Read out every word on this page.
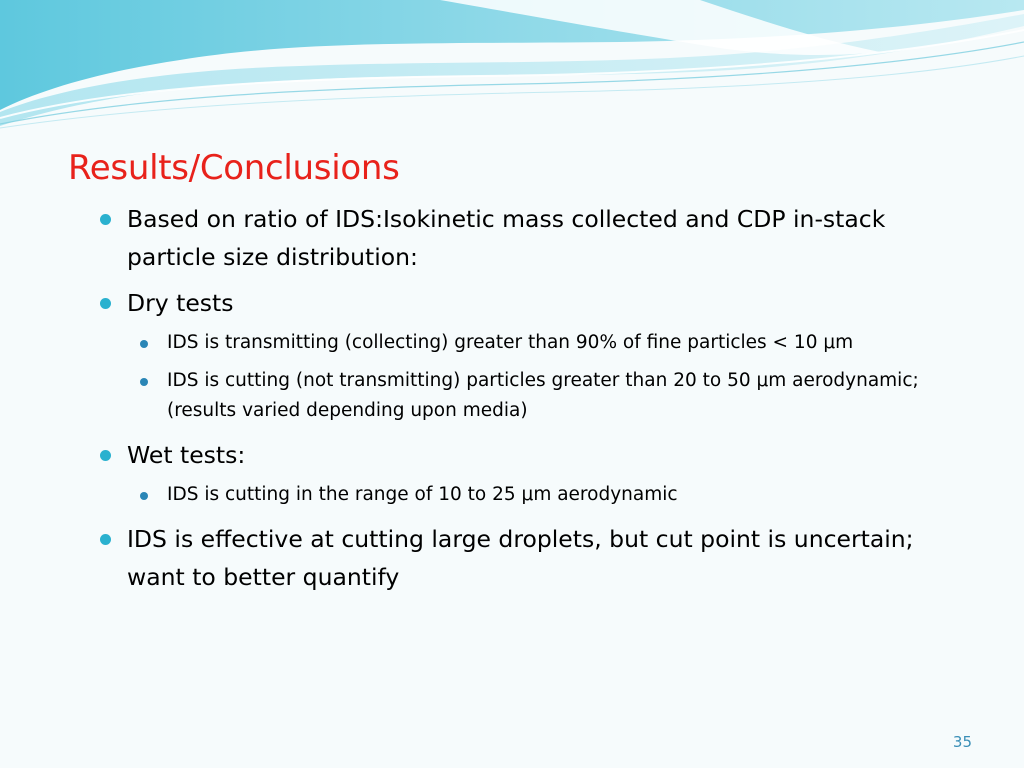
Results/Conclusions
Based on ratio of IDS:Isokinetic mass collected and CDP in-stack particle size distribution:
Dry tests
IDS is transmitting (collecting) greater than 90% of fine particles < 10 μm
IDS is cutting (not transmitting) particles greater than 20 to 50 μm aerodynamic; (results varied depending upon media)
Wet tests:
IDS is cutting in the range of 10 to 25 μm aerodynamic
IDS is effective at cutting large droplets, but cut point is uncertain; want to better quantify
35
